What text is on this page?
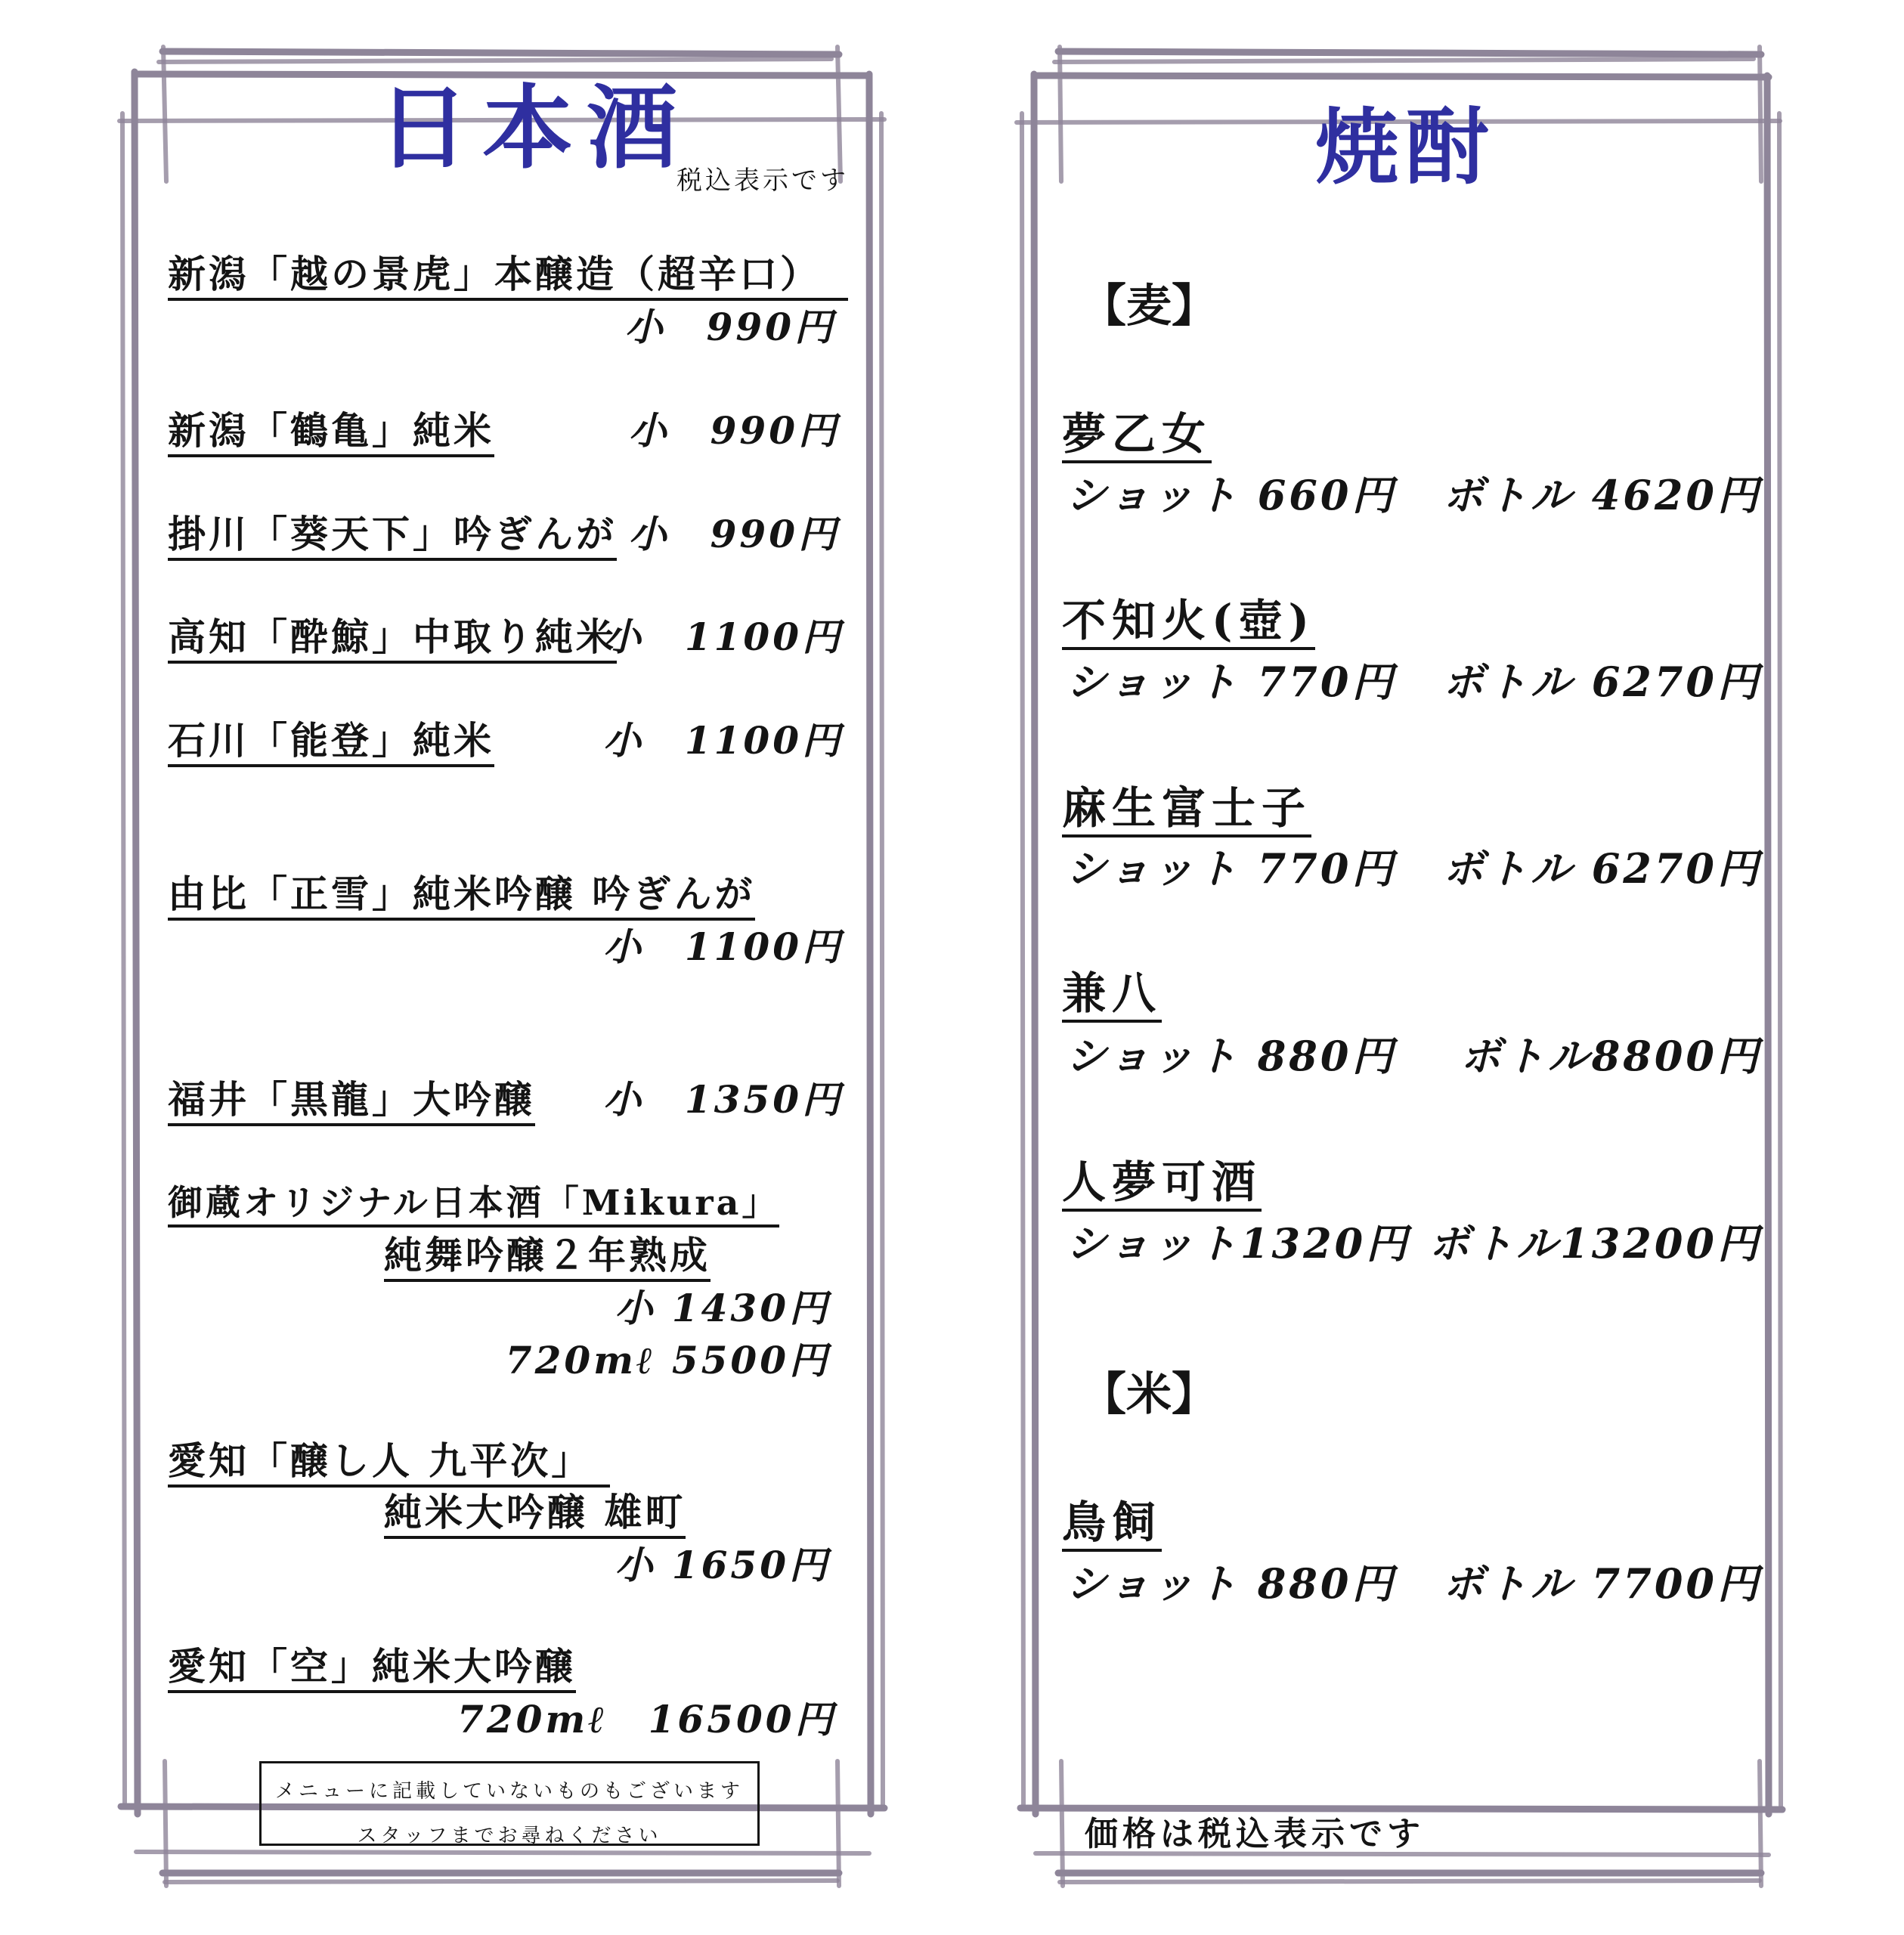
日本酒
税込表示です
新潟「越の景虎」本醸造（超辛口）
小　990円
新潟「鶴亀」純米	小　990円
掛川「葵天下」吟ぎんが 小　990円
高知「酔鯨」中取り純米
小　1100円
石川「能登」純米	小　1100円
由比「正雪」純米吟醸 吟ぎんが
小　1100円
福井「黒龍」大吟醸	小　1350円
御蔵オリジナル日本酒「Mikura」
純舞吟醸２年熟成
小 1430円
720mℓ 5500円
愛知「醸し人 九平次」
純米大吟醸 雄町
小 1650円
愛知「空」純米大吟醸
720mℓ　16500円
メニューに記載していないものもございます
スタッフまでお尋ねください
焼酎
【麦】
夢乙女
ショット 660円 ボトル 4620円
不知火(壺)
ショット 770円 ボトル 6270円
麻生富士子
ショット 770円 ボトル 6270円
兼八
ショット 880円 ボトル8800円
人夢可酒
ショット1320円 ボトル13200円
【米】
鳥飼
ショット 880円 ボトル 7700円
価格は税込表示です
